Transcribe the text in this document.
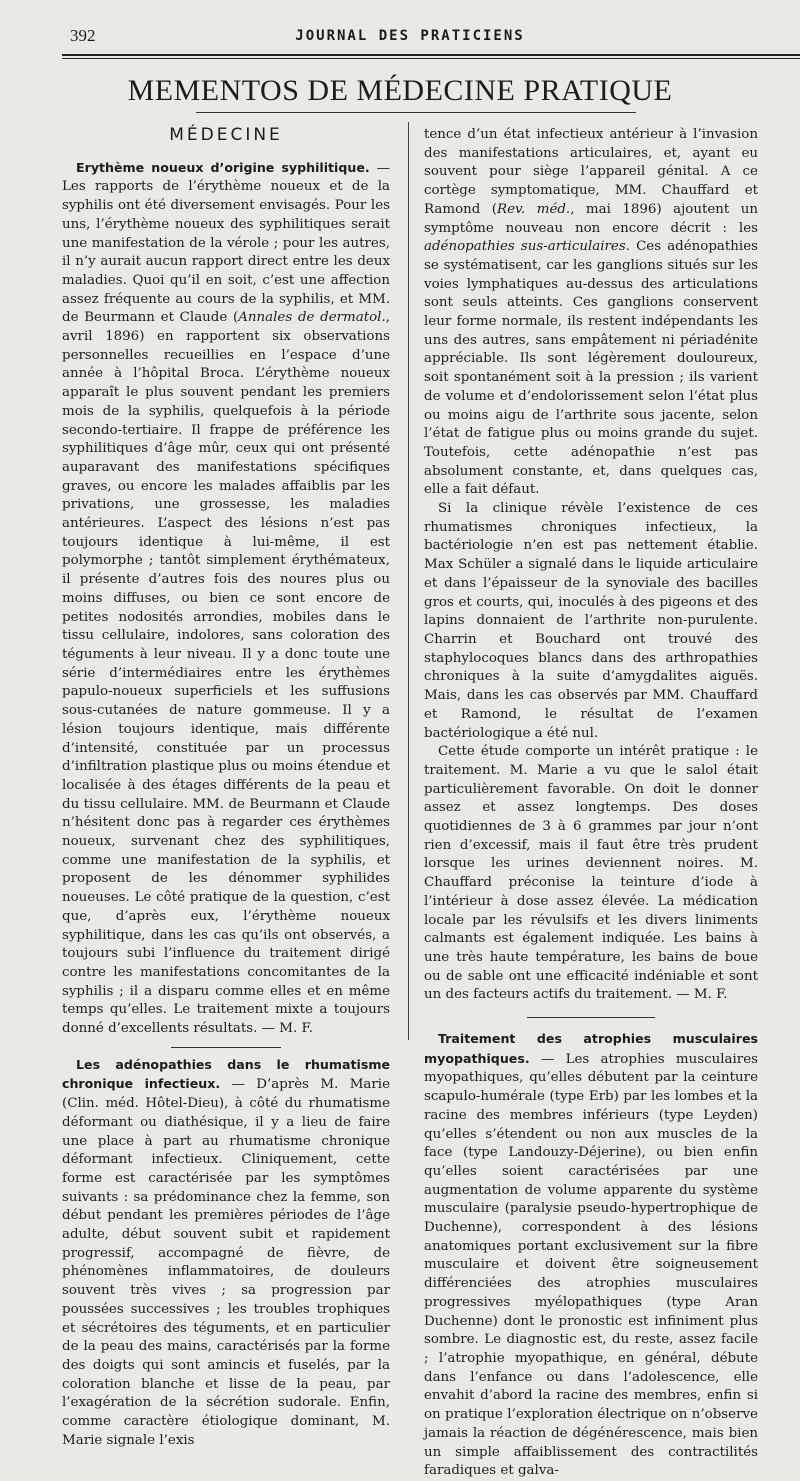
392	JOURNAL DES PRATICIENS
MEMENTOS DE MÉDECINE PRATIQUE
MÉDECINE

Erythème noueux d’origine syphilitique. — Les rapports de l’érythème noueux et de la syphilis ont été diversement envisagés. Pour les uns, l’érythème noueux des syphilitiques serait une manifestation de la vérole ; pour les autres, il n’y aurait aucun rapport direct entre les deux maladies. Quoi qu’il en soit, c’est une affection assez fréquente au cours de la syphilis, et MM. de Beurmann et Claude (Annales de dermatol., avril 1896) en rapportent six observations personnelles recueillies en l’espace d’une année à l’hôpital Broca. L’érythème noueux apparaît le plus souvent pendant les premiers mois de la syphilis, quelquefois à la période secondo-tertiaire. Il frappe de préférence les syphilitiques d’âge mûr, ceux qui ont présenté auparavant des manifestations spécifiques graves, ou encore les malades affaiblis par les privations, une grossesse, les maladies antérieures. L’aspect des lésions n’est pas toujours identique à lui-même, il est polymorphe ; tantôt simplement érythémateux, il présente d’autres fois des noures plus ou moins diffuses, ou bien ce sont encore de petites nodosités arrondies, mobiles dans le tissu cellulaire, indolores, sans coloration des téguments à leur niveau. Il y a donc toute une série d’intermédiaires entre les érythèmes papulo-noueux superficiels et les suffusions sous-cutanées de nature gommeuse. Il y a lésion toujours identique, mais différente d’intensité, constituée par un processus d’infiltration plastique plus ou moins étendue et localisée à des étages différents de la peau et du tissu cellulaire. MM. de Beurmann et Claude n’hésitent donc pas à regarder ces érythèmes noueux, survenant chez des syphilitiques, comme une manifestation de la syphilis, et proposent de les dénommer syphilides noueuses. Le côté pratique de la question, c’est que, d’après eux, l’érythème noueux syphilitique, dans les cas qu’ils ont observés, a toujours subi l’influence du traitement dirigé contre les manifestations concomitantes de la syphilis ; il a disparu comme elles et en même temps qu’elles. Le traitement mixte a toujours donné d’excellents résultats. — M. F.

Les adénopathies dans le rhumatisme chronique infectieux. — D’après M. Marie (Clin. méd. Hôtel-Dieu), à côté du rhumatisme déformant ou diathésique, il y a lieu de faire une place à part au rhumatisme chronique déformant infectieux. Cliniquement, cette forme est caractérisée par les symptômes suivants : sa prédominance chez la femme, son début pendant les premières périodes de l’âge adulte, début souvent subit et rapidement progressif, accompagné de fièvre, de phénomènes inflammatoires, de douleurs souvent très vives ; sa progression par poussées successives ; les troubles trophiques et sécrétoires des téguments, et en particulier de la peau des mains, caractérisés par la forme des doigts qui sont amincis et fuselés, par la coloration blanche et lisse de la peau, par l’exagération de la sécrétion sudorale. Enfin, comme caractère étiologique dominant, M. Marie signale l’exis

tence d’un état infectieux antérieur à l’invasion des manifestations articulaires, et, ayant eu souvent pour siège l’appareil génital. A ce cortège symptomatique, MM. Chauffard et Ramond (Rev. méd., mai 1896) ajoutent un symptôme nouveau non encore décrit : les adénopathies sus-articulaires. Ces adénopathies se systématisent, car les ganglions situés sur les voies lymphatiques au-dessus des articulations sont seuls atteints. Ces ganglions conservent leur forme normale, ils restent indépendants les uns des autres, sans empâtement ni périadénite appréciable. Ils sont légèrement douloureux, soit spontanément soit à la pression ; ils varient de volume et d’endolorissement selon l’état plus ou moins aigu de l’arthrite sous jacente, selon l’état de fatigue plus ou moins grande du sujet. Toutefois, cette adénopathie n’est pas absolument constante, et, dans quelques cas, elle a fait défaut.

Si la clinique révèle l’existence de ces rhumatismes chroniques infectieux, la bactériologie n’en est pas nettement établie. Max Schüler a signalé dans le liquide articulaire et dans l’épaisseur de la synoviale des bacilles gros et courts, qui, inoculés à des pigeons et des lapins donnaient de l’arthrite non-purulente. Charrin et Bouchard ont trouvé des staphylocoques blancs dans des arthropathies chroniques à la suite d’amygdalites aiguës. Mais, dans les cas observés par MM. Chauffard et Ramond, le résultat de l’examen bactériologique a été nul.

Cette étude comporte un intérêt pratique : le traitement. M. Marie a vu que le salol était particulièrement favorable. On doit le donner assez et assez longtemps. Des doses quotidiennes de 3 à 6 grammes par jour n’ont rien d’excessif, mais il faut être très prudent lorsque les urines deviennent noires. M. Chauffard préconise la teinture d’iode à l’intérieur à dose assez élevée. La médication locale par les révulsifs et les divers liniments calmants est également indiquée. Les bains à une très haute température, les bains de boue ou de sable ont une efficacité indéniable et sont un des facteurs actifs du traitement. — M. F.

Traitement des atrophies musculaires myopathiques. — Les atrophies musculaires myopathiques, qu’elles débutent par la ceinture scapulo-humérale (type Erb) par les lombes et la racine des membres inférieurs (type Leyden) qu’elles s’étendent ou non aux muscles de la face (type Landouzy-Déjerine), ou bien enfin qu’elles soient caractérisées par une augmentation de volume apparente du système musculaire (paralysie pseudo-hypertrophique de Duchenne), correspondent à des lésions anatomiques portant exclusivement sur la fibre musculaire et doivent être soigneusement différenciées des atrophies musculaires progressives myélopathiques (type Aran Duchenne) dont le pronostic est infiniment plus sombre. Le diagnostic est, du reste, assez facile ; l’atrophie myopathique, en général, débute dans l’enfance ou dans l’adolescence, elle envahit d’abord la racine des membres, enfin si on pratique l’exploration électrique on n’observe jamais la réaction de dégénérescence, mais bien un simple affaiblissement des contractilités faradiques et galva-
